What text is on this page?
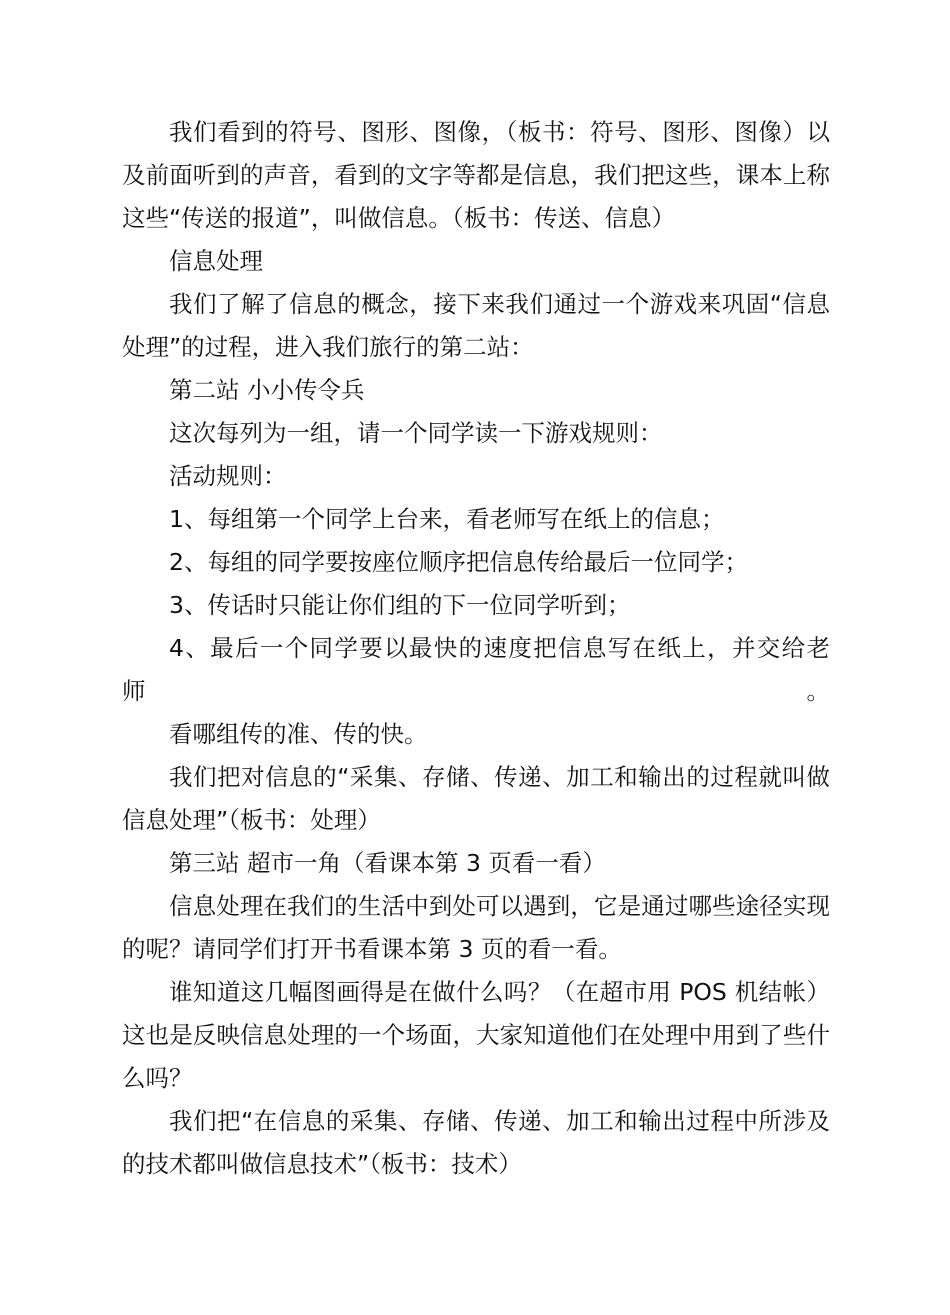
我们看到的符号、图形、图像，（板书：符号、图形、图像）以及前面听到的声音，看到的文字等都是信息，我们把这些，课本上称这些“传送的报道”，叫做信息。（板书：传送、信息）

信息处理

我们了解了信息的概念，接下来我们通过一个游戏来巩固“信息处理”的过程，进入我们旅行的第二站：

第二站 小小传令兵

这次每列为一组，请一个同学读一下游戏规则：

活动规则：

1、每组第一个同学上台来，看老师写在纸上的信息；

2、每组的同学要按座位顺序把信息传给最后一位同学；

3、传话时只能让你们组的下一位同学听到；

4、最后一个同学要以最快的速度把信息写在纸上，并交给老师。

看哪组传的准、传的快。

我们把对信息的“采集、存储、传递、加工和输出的过程就叫做信息处理”（板书：处理）

第三站 超市一角（看课本第 3 页看一看）

信息处理在我们的生活中到处可以遇到，它是通过哪些途径实现的呢？请同学们打开书看课本第 3 页的看一看。

谁知道这几幅图画得是在做什么吗？（在超市用 POS 机结帐）这也是反映信息处理的一个场面，大家知道他们在处理中用到了些什么吗？

我们把“在信息的采集、存储、传递、加工和输出过程中所涉及的技术都叫做信息技术”（板书：技术）
